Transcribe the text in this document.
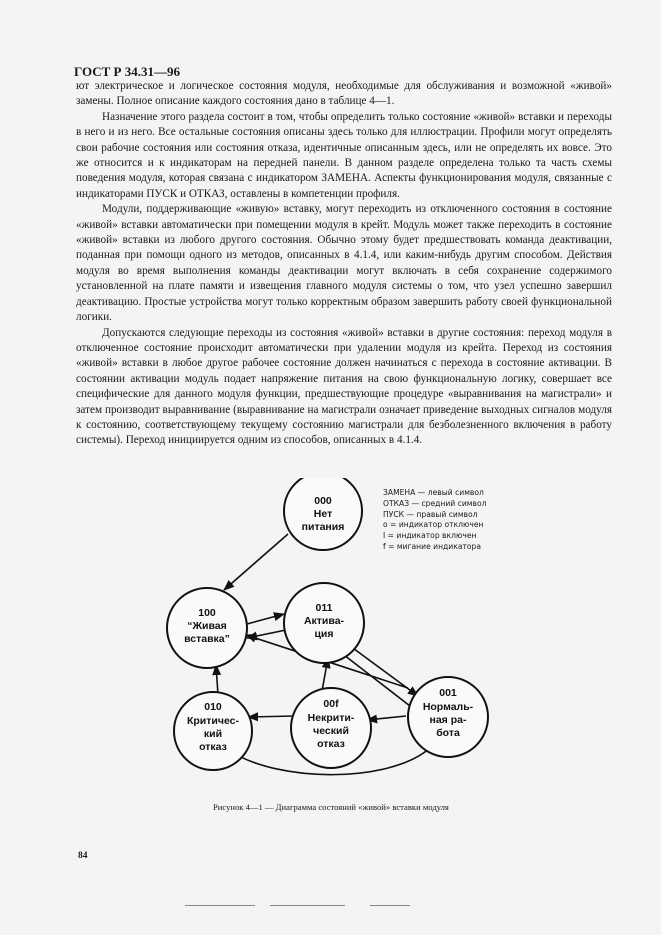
ГОСТ Р 34.31—96

ют электрическое и логическое состояния модуля, необходимые для обслуживания и возможной «живой» замены. Полное описание каждого состояния дано в таблице 4—1.

Назначение этого раздела состоит в том, чтобы определить только состояние «живой» вставки и переходы в него и из него. Все остальные состояния описаны здесь только для иллюстрации. Профили могут определять свои рабочие состояния или состояния отказа, идентичные описанным здесь, или не определять их вовсе. Это же относится и к индикаторам на передней панели. В данном разделе определена только та часть схемы поведения модуля, которая связана с индикатором ЗАМЕНА. Аспекты функционирования модуля, связанные с индикаторами ПУСК и ОТКАЗ, оставлены в компетенции профиля.

Модули, поддерживающие «живую» вставку, могут переходить из отключенного состояния в состояние «живой» вставки автоматически при помещении модуля в крейт. Модуль может также переходить в состояние «живой» вставки из любого другого состояния. Обычно этому будет предшествовать команда деактивации, поданная при помощи одного из методов, описанных в 4.1.4, или каким-нибудь другим способом. Действия модуля во время выполнения команды деактивации могут включать в себя сохранение содержимого установленной на плате памяти и извещения главного модуля системы о том, что узел успешно завершил деактивацию. Простые устройства могут только корректным образом завершить работу своей функциональной логики.

Допускаются следующие переходы из состояния «живой» вставки в другие состояния: переход модуля в отключенное состояние происходит автоматически при удалении модуля из крейта. Переход из состояния «живой» вставки в любое другое рабочее состояние должен начинаться с перехода в состояние активации. В состоянии активации модуль подает напряжение питания на свою функциональную логику, совершает все специфические для данного модуля функции, предшествующие процедуре «выравнивания на магистрали» и затем производит выравнивание (выравнивание на магистрали означает приведение выходных сигналов модуля к состоянию, соответствующему текущему состоянию магистрали для безболезненного включения в работу системы). Переход инициируется одним из способов, описанных в 4.1.4.

000
Нет
питания
100
“Живая
вставка”
011
Актива-
ция
010
Критичес-
кий
отказ
00f
Некрити-
ческий
отказ
001
Нормаль-
ная ра-
бота
ЗАМЕНА — левый символ
ОТКАЗ — средний символ
ПУСК — правый символ
о = индикатор отключен
I = индикатор включен
f = мигание индикатора
Рисунок 4—1 — Диаграмма состояний «живой» вставки модуля
84
